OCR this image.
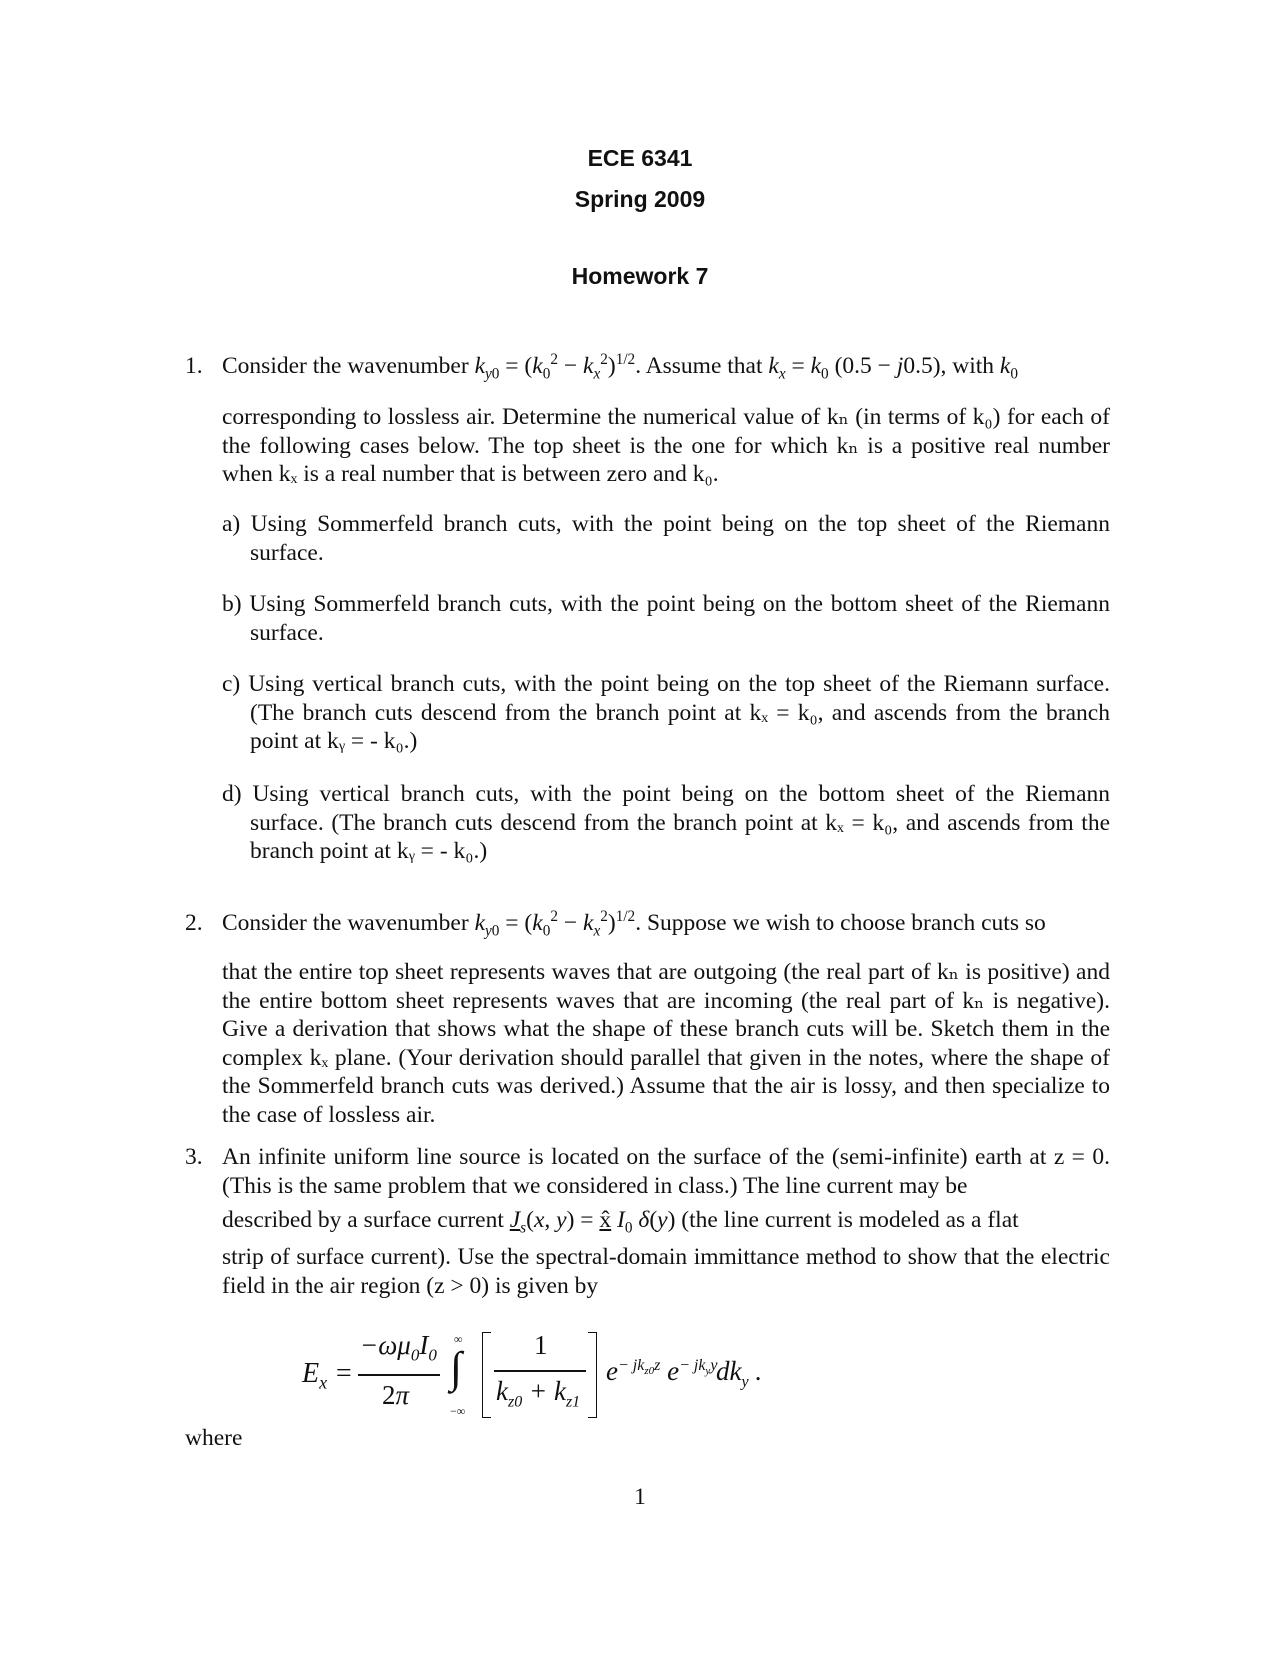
ECE 6341
Spring 2009
Homework 7
1. Consider the wavenumber $k_{y0} = (k_0^2 - k_x^2)^{1/2}$. Assume that $k_x = k_0$ (0.5 − j0.5), with $k_0$
corresponding to lossless air. Determine the numerical value of kₙ (in terms of k₀) for each of the following cases below. The top sheet is the one for which kₙ is a positive real number when kₓ is a real number that is between zero and k₀.
a) Using Sommerfeld branch cuts, with the point being on the top sheet of the Riemann surface.
b) Using Sommerfeld branch cuts, with the point being on the bottom sheet of the Riemann surface.
c) Using vertical branch cuts, with the point being on the top sheet of the Riemann surface. (The branch cuts descend from the branch point at kₓ = k₀, and ascends from the branch point at kᵧ = - k₀.)
d) Using vertical branch cuts, with the point being on the bottom sheet of the Riemann surface. (The branch cuts descend from the branch point at kₓ = k₀, and ascends from the branch point at kᵧ = - k₀.)
2. Consider the wavenumber $k_{y0} = (k_0^2 - k_x^2)^{1/2}$. Suppose we wish to choose branch cuts so
that the entire top sheet represents waves that are outgoing (the real part of kₙ is positive) and the entire bottom sheet represents waves that are incoming (the real part of kₙ is negative). Give a derivation that shows what the shape of these branch cuts will be. Sketch them in the complex kₓ plane. (Your derivation should parallel that given in the notes, where the shape of the Sommerfeld branch cuts was derived.) Assume that the air is lossy, and then specialize to the case of lossless air.
3. An infinite uniform line source is located on the surface of the (semi-infinite) earth at z = 0. (This is the same problem that we considered in class.) The line current may be
described by a surface current $J_s(x$, y) = x̂ $I_0$ δ(y) (the line current is modeled as a flat
strip of surface current). Use the spectral-domain immittance method to show that the electric field in the air region (z > 0) is given by
$E_x$ =
$-\omega\mu_0I_0$
2π
∞
∫
−∞
1
$k_{z0} + k_{z1}$
$e^{- jk_{z0}z}$ $e^{- jk_yy}$
$dk_y$ .
where
1
